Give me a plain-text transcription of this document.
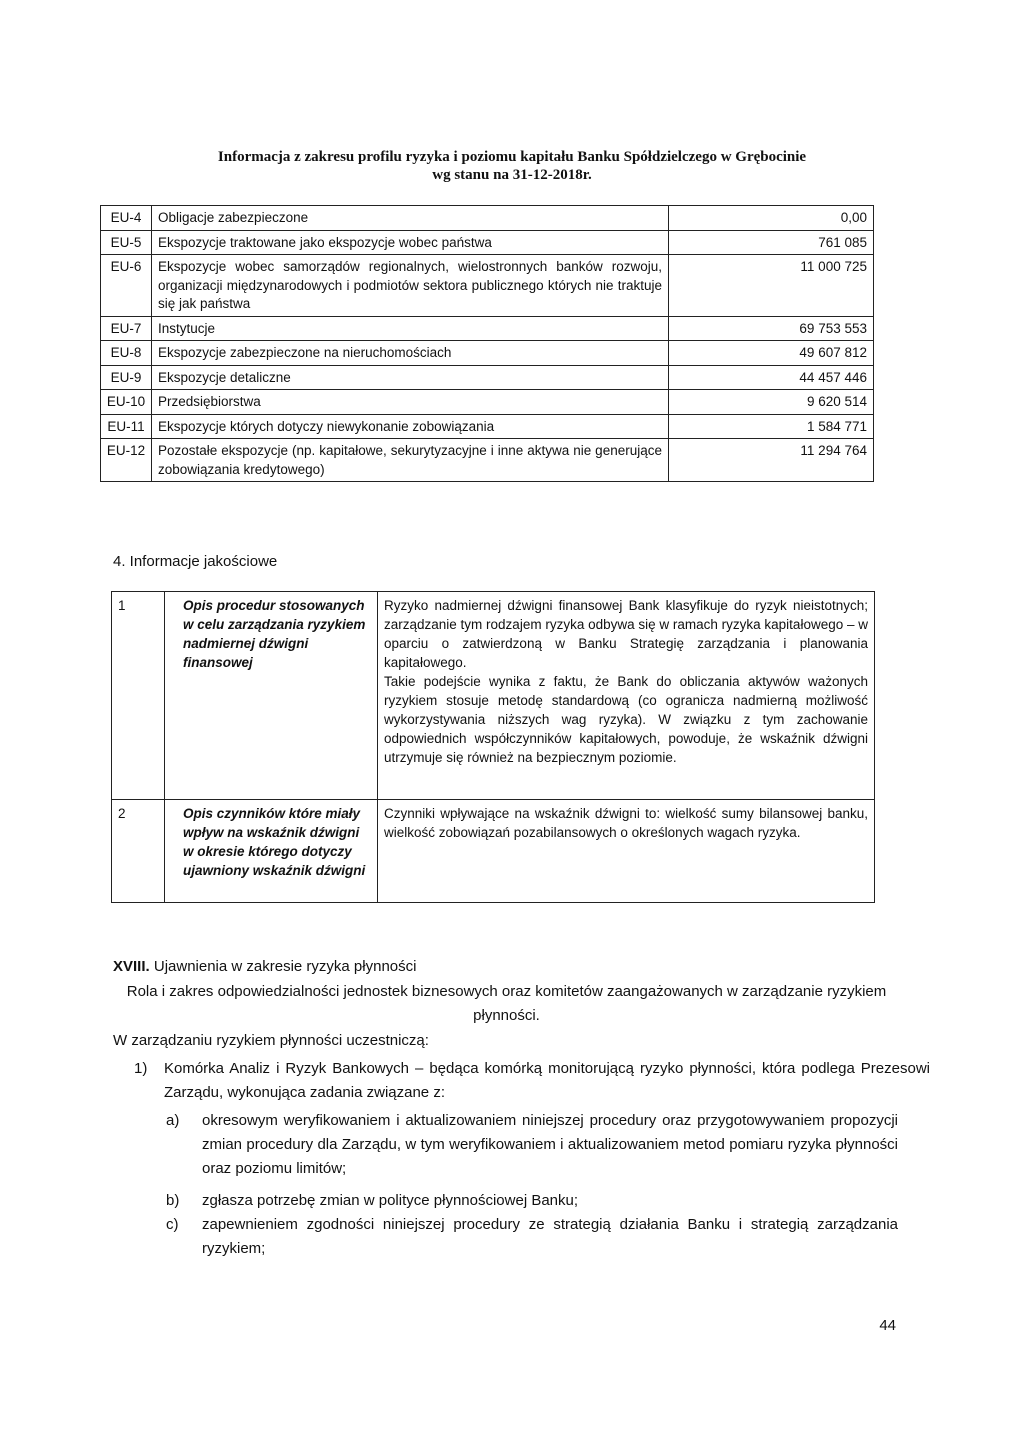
Informacja z zakresu profilu ryzyka i poziomu kapitału Banku Spółdzielczego w Grębocinie
wg stanu na 31-12-2018r.
EU-4	Obligacje zabezpieczone	0,00
EU-5	Ekspozycje traktowane jako ekspozycje wobec państwa	761 085
EU-6	Ekspozycje wobec samorządów regionalnych, wielostronnych banków rozwoju, organizacji międzynarodowych i podmiotów sektora publicznego których nie traktuje się jak państwa	11 000 725
EU-7	Instytucje	69 753 553
EU-8	Ekspozycje zabezpieczone na nieruchomościach	49 607 812
EU-9	Ekspozycje detaliczne	44 457 446
EU-10	Przedsiębiorstwa	9 620 514
EU-11	Ekspozycje których dotyczy niewykonanie zobowiązania	1 584 771
EU-12	Pozostałe ekspozycje (np. kapitałowe, sekurytyzacyjne i inne aktywa nie generujące zobowiązania kredytowego)	11 294 764
4. Informacje jakościowe
1	Opis procedur stosowanych w celu zarządzania ryzykiem nadmiernej dźwigni finansowej	Ryzyko nadmiernej dźwigni finansowej Bank klasyfikuje do ryzyk nieistotnych; zarządzanie tym rodzajem ryzyka odbywa się w ramach ryzyka kapitałowego – w oparciu o zatwierdzoną w Banku Strategię zarządzania i planowania kapitałowego.
Takie podejście wynika z faktu, że Bank do obliczania aktywów ważonych ryzykiem stosuje metodę standardową (co ogranicza nadmierną możliwość wykorzystywania niższych wag ryzyka). W związku z tym zachowanie odpowiednich współczynników kapitałowych, powoduje, że wskaźnik dźwigni utrzymuje się również na bezpiecznym poziomie.

2	Opis czynników które miały wpływ na wskaźnik dźwigni w okresie którego dotyczy ujawniony wskaźnik dźwigni	Czynniki wpływające na wskaźnik dźwigni to: wielkość sumy bilansowej banku, wielkość zobowiązań pozabilansowych o określonych wagach ryzyka.
XVIII. Ujawnienia w zakresie ryzyka płynności
Rola i zakres odpowiedzialności jednostek biznesowych oraz komitetów zaangażowanych w zarządzanie ryzykiem płynności.
W zarządzaniu ryzykiem płynności uczestniczą:
1) Komórka Analiz i Ryzyk Bankowych – będąca komórką monitorującą ryzyko płynności, która podlega Prezesowi Zarządu, wykonująca zadania związane z:
a) okresowym weryfikowaniem i aktualizowaniem niniejszej procedury oraz przygotowywaniem propozycji zmian procedury dla Zarządu, w tym weryfikowaniem i aktualizowaniem metod pomiaru ryzyka płynności oraz poziomu limitów;
b) zgłasza potrzebę zmian w polityce płynnościowej Banku;
c) zapewnieniem zgodności niniejszej procedury ze strategią działania Banku i strategią zarządzania ryzykiem;
44
